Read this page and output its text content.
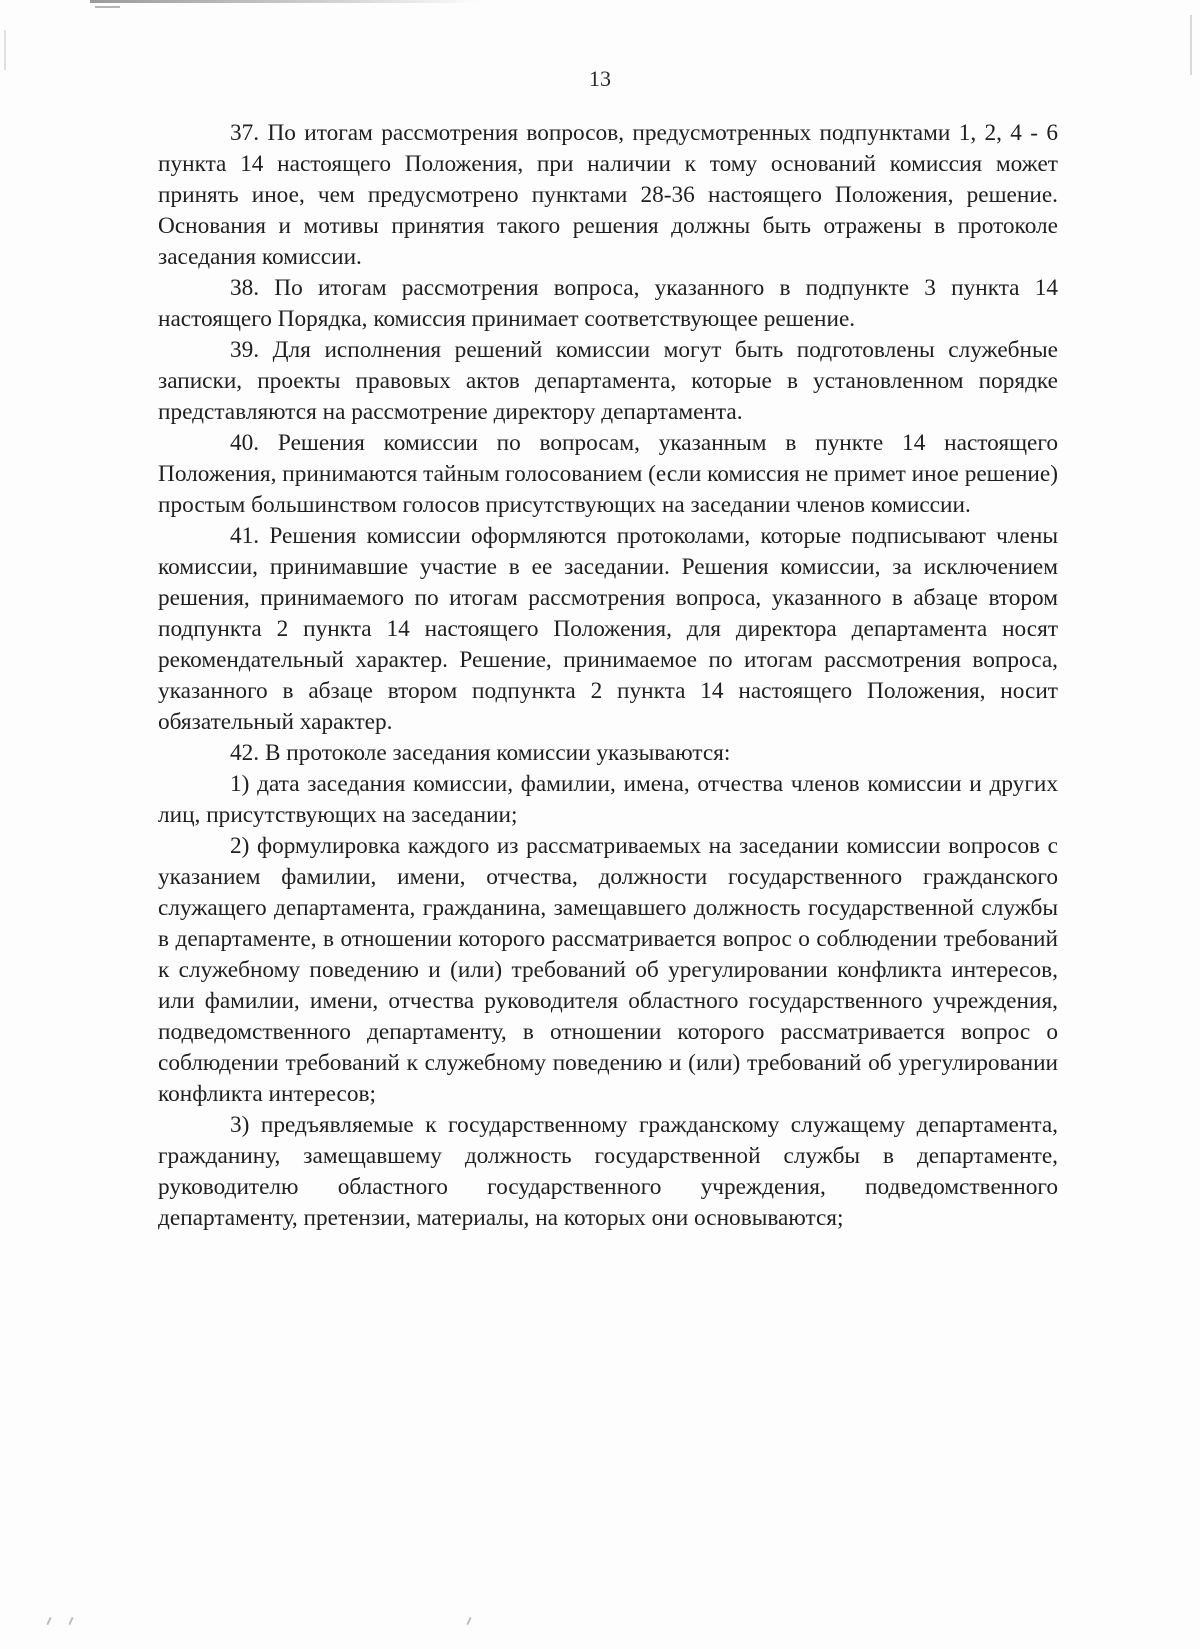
13

37. По итогам рассмотрения вопросов, предусмотренных подпунктами 1, 2, 4 - 6 пункта 14 настоящего Положения, при наличии к тому оснований комиссия может принять иное, чем предусмотрено пунктами 28-36 настоящего Положения, решение. Основания и мотивы принятия такого решения должны быть отражены в протоколе заседания комиссии.

38. По итогам рассмотрения вопроса, указанного в подпункте 3 пункта 14 настоящего Порядка, комиссия принимает соответствующее решение.

39. Для исполнения решений комиссии могут быть подготовлены служебные записки, проекты правовых актов департамента, которые в установленном порядке представляются на рассмотрение директору департамента.

40. Решения комиссии по вопросам, указанным в пункте 14 настоящего Положения, принимаются тайным голосованием (если комиссия не примет иное решение) простым большинством голосов присутствующих на заседании членов комиссии.

41. Решения комиссии оформляются протоколами, которые подписывают члены комиссии, принимавшие участие в ее заседании. Решения комиссии, за исключением решения, принимаемого по итогам рассмотрения вопроса, указанного в абзаце втором подпункта 2 пункта 14 настоящего Положения, для директора департамента носят рекомендательный характер. Решение, принимаемое по итогам рассмотрения вопроса, указанного в абзаце втором подпункта 2 пункта 14 настоящего Положения, носит обязательный характер.

42. В протоколе заседания комиссии указываются:

1) дата заседания комиссии, фамилии, имена, отчества членов комиссии и других лиц, присутствующих на заседании;

2) формулировка каждого из рассматриваемых на заседании комиссии вопросов с указанием фамилии, имени, отчества, должности государственного гражданского служащего департамента, гражданина, замещавшего должность государственной службы в департаменте, в отношении которого рассматривается вопрос о соблюдении требований к служебному поведению и (или) требований об урегулировании конфликта интересов, или фамилии, имени, отчества руководителя областного государственного учреждения, подведомственного департаменту, в отношении которого рассматривается вопрос о соблюдении требований к служебному поведению и (или) требований об урегулировании конфликта интересов;

3) предъявляемые к государственному гражданскому служащему департамента, гражданину, замещавшему должность государственной службы в департаменте, руководителю областного государственного учреждения, подведомственного департаменту, претензии, материалы, на которых они основываются;
